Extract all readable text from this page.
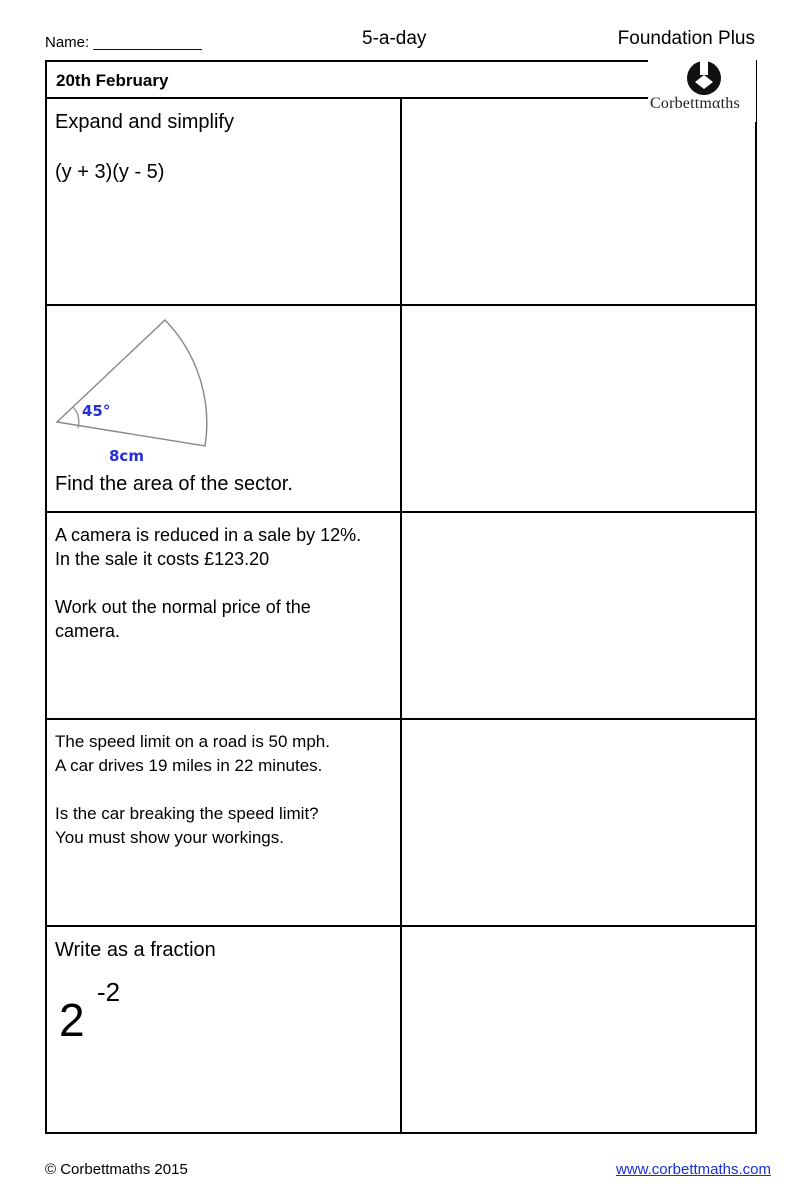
Name: _____________	5-a-day	Foundation Plus
20th February
Corbettmαths
Expand and simplify
(y + 3)(y - 5)
45°
8cm
Find the area of the sector.
A camera is reduced in a sale by 12%.
In the sale it costs £123.20
Work out the normal price of the
camera.
The speed limit on a road is 50 mph.
A car drives 19 miles in 22 minutes.
Is the car breaking the speed limit?
You must show your workings.
Write as a fraction
2
-2
© Corbettmaths 2015	www.corbettmaths.com
